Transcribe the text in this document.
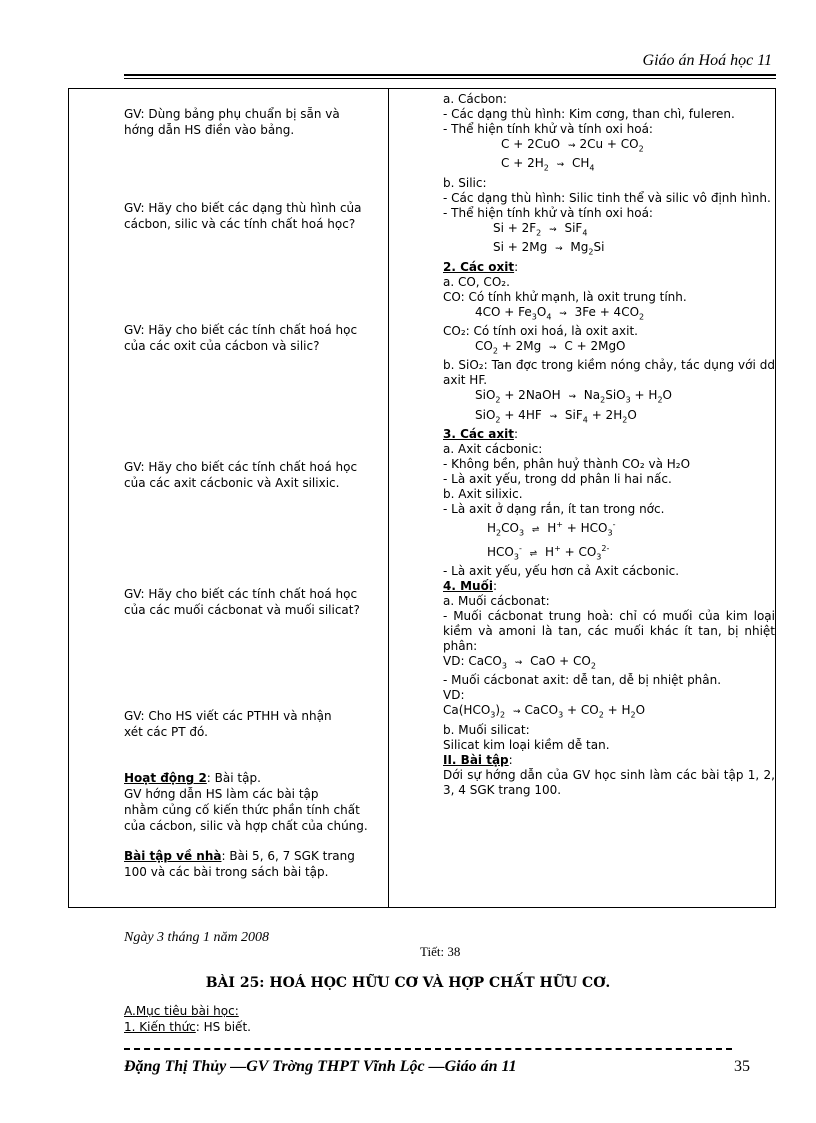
Giáo án Hoá học 11
GV: Dùng bảng phụ chuẩn bị sẵn và
hớng dẫn HS điền vào bảng.
GV: Hãy cho biết các dạng thù hình của
cácbon, silic và các tính chất hoá học?
GV: Hãy cho biết các tính chất hoá học
của các oxit của cácbon và silic?
GV: Hãy cho biết các tính chất hoá học
của các axit cácbonic và Axit silixic.
GV: Hãy cho biết các tính chất hoá học
của các muối cácbonat và muối silicat?
GV: Cho HS viết các PTHH và nhận
xét các PT đó.
Hoạt động 2: Bài tập.
GV hớng dẫn HS làm các bài tập
nhằm củng cố kiến thức phần tính chất
của cácbon, silic và hợp chất của chúng.
Bài tập về nhà: Bài 5, 6, 7 SGK trang
100 và các bài trong sách bài tập.
a. Cácbon:
- Các dạng thù hình: Kim cơng, than chì, fuleren.
- Thể hiện tính khử và tính oxi hoá:
C + 2CuO ⇝ $2Cu + CO_2$
$C + 2H_2$ ⇝ $CH_4$
b. Silic:
- Các dạng thù hình: Silic tinh thể và silic vô định hình.
- Thể hiện tính khử và tính oxi hoá:
$Si + 2F_2$ ⇝ SiF$_4$
Si + 2Mg ⇝ $Mg_2Si$
2. Các oxit:
a. CO, CO₂.
CO: Có tính khử mạnh, là oxit trung tính.
$4CO + Fe_3O_4$ ⇝ $3Fe + 4CO_2$
CO₂: Có tính oxi hoá, là oxit axit.
$CO_2 + 2Mg$ ⇝ C + 2MgO
b. SiO₂: Tan đợc trong kiềm nóng chảy, tác dụng với dd axit HF.
SiO$_2$ + 2NaOH ⇝ $Na_2SiO_3 + H_2O$
SiO$_2$ + 4HF ⇝ $SiF_4 + 2H_2O$
3. Các axit:
a. Axit cácbonic:
- Không bền, phân huỷ thành CO₂ và H₂O
- Là axit yếu, trong dd phân li hai nấc.
b. Axit silixic.
- Là axit ở dạng rắn, ít tan trong nớc.
$H_2CO_3$ ⇌ $H^+ + HCO_3^-$
$HCO_3^-$ ⇌ $H^+ + CO_3^{2-}$
- Là axit yếu, yếu hơn cả Axit cácbonic.
4. Muối:
a. Muối cácbonat:
- Muối cácbonat trung hoà: chỉ có muối của kim loại kiềm và amoni là tan, các muối khác ít tan, bị nhiệt phân:
VD: CaCO$_3$ ⇝ CaO + $CO_2$
- Muối cácbonat axit: dễ tan, dễ bị nhiệt phân.
VD:
$Ca(HCO_3)_2$ ⇝ CaCO$_3$ + $CO_2 + H_2O$
b. Muối silicat:
Silicat kim loại kiềm dễ tan.
II. Bài tập:
Dới sự hớng dẫn của GV học sinh làm các bài tập 1, 2, 3, 4 SGK trang 100.
Ngày 3 tháng 1 năm 2008
Tiết: 38
BÀI 25: HOÁ HỌC HỮU CƠ VÀ HỢP CHẤT HỮU CƠ.
A.Mục tiêu bài học:
1. Kiến thức: HS biết.
Đặng Thị Thủy —GV Trờng THPT Vĩnh Lộc —Giáo án 11	35
